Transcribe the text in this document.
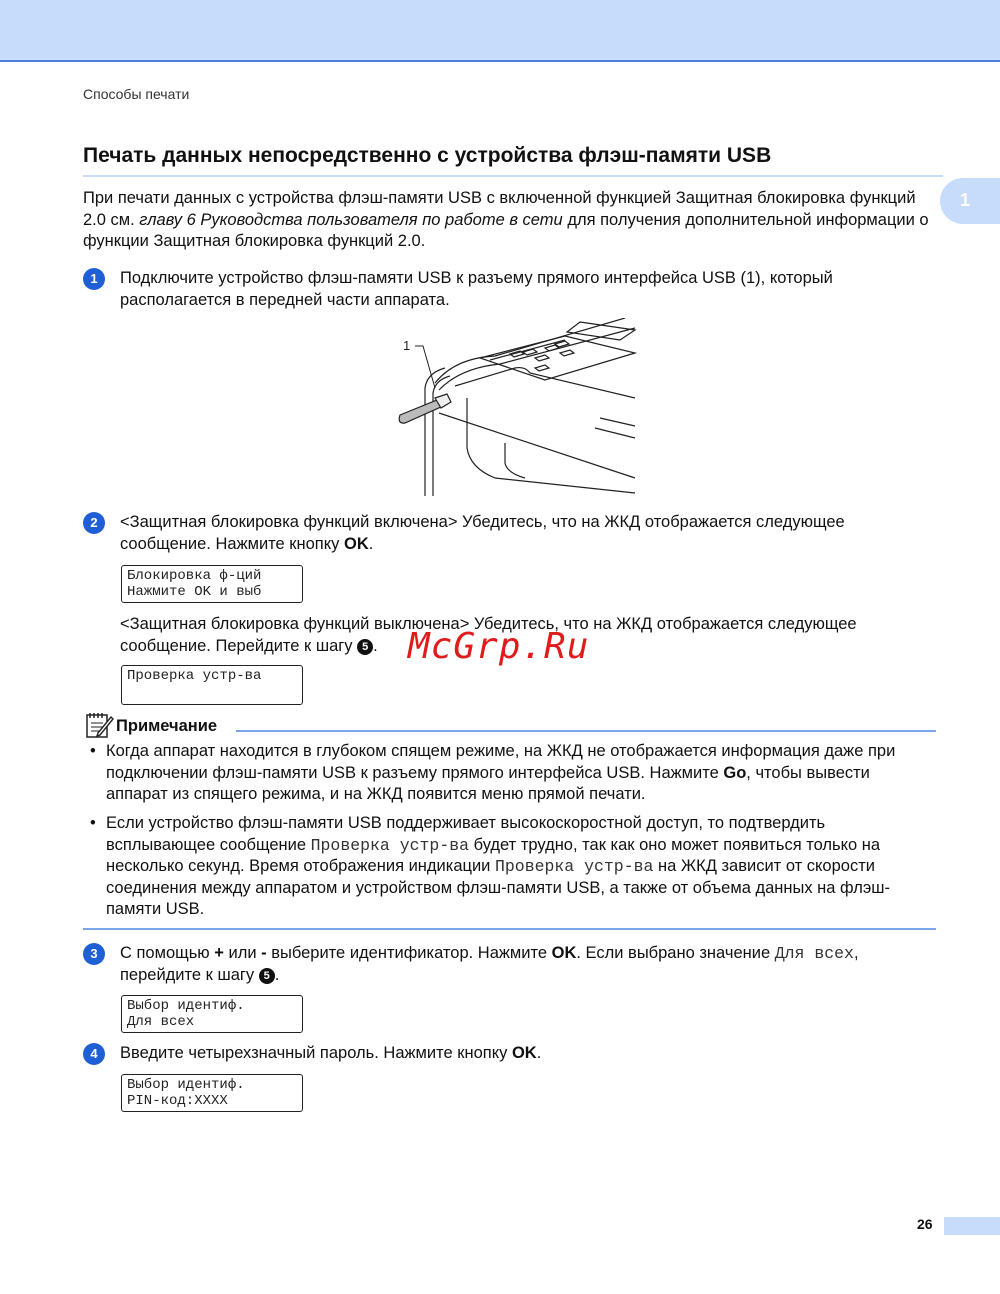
Способы печати
Печать данных непосредственно с устройства флэш-памяти USB
1
При печати данных с устройства флэш-памяти USB с включенной функцией Защитная блокировка функций 2.0 см. главу 6 Руководства пользователя по работе в сети для получения дополнительной информации о функции Защитная блокировка функций 2.0.
1	Подключите устройство флэш-памяти USB к разъему прямого интерфейса USB (1), который располагается в передней части аппарата.
1
2	<Защитная блокировка функций включена> Убедитесь, что на ЖКД отображается следующее сообщение. Нажмите кнопку OK.
Блокировка ф-ций
Нажмите OK и выб
<Защитная блокировка функций выключена> Убедитесь, что на ЖКД отображается следующее сообщение. Перейдите к шагу 5 .
Проверка устр-ва
McGrp.Ru
Примечание
• Когда аппарат находится в глубоком спящем режиме, на ЖКД не отображается информация даже при подключении флэш-памяти USB к разъему прямого интерфейса USB. Нажмите Go, чтобы вывести аппарат из спящего режима, и на ЖКД появится меню прямой печати.
• Если устройство флэш-памяти USB поддерживает высокоскоростной доступ, то подтвердить всплывающее сообщение Проверка устр-ва будет трудно, так как оно может появиться только на несколько секунд. Время отображения индикации Проверка устр-ва на ЖКД зависит от скорости соединения между аппаратом и устройством флэш-памяти USB, а также от объема данных на флэш-памяти USB.
3	С помощью + или - выберите идентификатор. Нажмите OK. Если выбрано значение Для всех, перейдите к шагу 5 .
Выбор идентиф.
Для всех
4	Введите четырехзначный пароль. Нажмите кнопку OK.
Выбор идентиф.
PIN-код:XXXX
26
